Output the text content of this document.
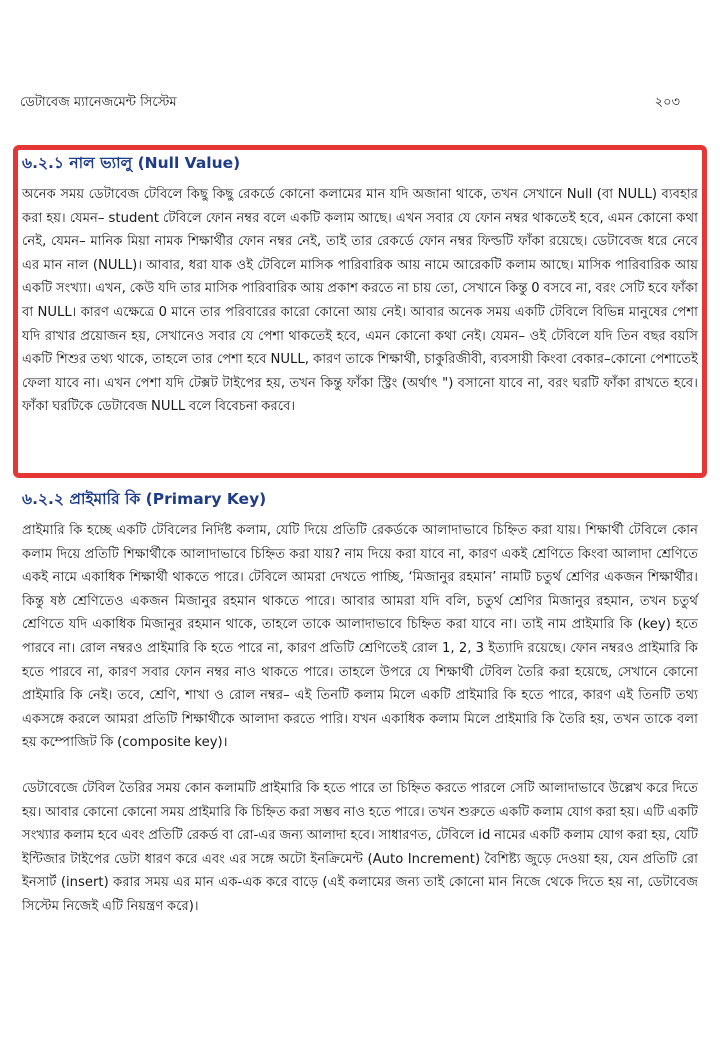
ডেটাবেজ ম্যানেজমেন্ট সিস্টেম	২০৩
৬.২.১ নাল ভ্যালু (Null Value)

অনেক সময় ডেটাবেজ টেবিলে কিছু কিছু রেকর্ডে কোনো কলামের মান যদি অজানা থাকে, তখন সেখানে Null (বা NULL) ব্যবহার করা হয়। যেমন– student টেবিলে ফোন নম্বর বলে একটি কলাম আছে। এখন সবার যে ফোন নম্বর থাকতেই হবে, এমন কোনো কথা নেই, যেমন– মানিক মিয়া নামক শিক্ষার্থীর ফোন নম্বর নেই, তাই তার রেকর্ডে ফোন নম্বর ফিল্ডটি ফাঁকা রয়েছে। ডেটাবেজ ধরে নেবে এর মান নাল (NULL)। আবার, ধরা যাক ওই টেবিলে মাসিক পারিবারিক আয় নামে আরেকটি কলাম আছে। মাসিক পারিবারিক আয় একটি সংখ্যা। এখন, কেউ যদি তার মাসিক পারিবারিক আয় প্রকাশ করতে না চায় তো, সেখানে কিন্তু 0 বসবে না, বরং সেটি হবে ফাঁকা বা NULL। কারণ এক্ষেত্রে 0 মানে তার পরিবারের কারো কোনো আয় নেই। আবার অনেক সময় একটি টেবিলে বিভিন্ন মানুষের পেশা যদি রাখার প্রয়োজন হয়, সেখানেও সবার যে পেশা থাকতেই হবে, এমন কোনো কথা নেই। যেমন– ওই টেবিলে যদি তিন বছর বয়সি একটি শিশুর তথ্য থাকে, তাহলে তার পেশা হবে NULL, কারণ তাকে শিক্ষার্থী, চাকুরিজীবী, ব্যবসায়ী কিংবা বেকার–কোনো পেশাতেই ফেলা যাবে না। এখন পেশা যদি টেক্সট টাইপের হয়, তখন কিন্তু ফাঁকা স্ট্রিং (অর্থাৎ ") বসানো যাবে না, বরং ঘরটি ফাঁকা রাখতে হবে। ফাঁকা ঘরটিকে ডেটাবেজ NULL বলে বিবেচনা করবে।

৬.২.২ প্রাইমারি কি (Primary Key)

প্রাইমারি কি হচ্ছে একটি টেবিলের নির্দিষ্ট কলাম, যেটি দিয়ে প্রতিটি রেকর্ডকে আলাদাভাবে চিহ্নিত করা যায়। শিক্ষার্থী টেবিলে কোন কলাম দিয়ে প্রতিটি শিক্ষার্থীকে আলাদাভাবে চিহ্নিত করা যায়? নাম দিয়ে করা যাবে না, কারণ একই শ্রেণিতে কিংবা আলাদা শ্রেণিতে একই নামে একাধিক শিক্ষার্থী থাকতে পারে। টেবিলে আমরা দেখতে পাচ্ছি, ‘মিজানুর রহমান’ নামটি চতুর্থ শ্রেণির একজন শিক্ষার্থীর। কিন্তু ষষ্ঠ শ্রেণিতেও একজন মিজানুর রহমান থাকতে পারে। আবার আমরা যদি বলি, চতুর্থ শ্রেণির মিজানুর রহমান, তখন চতুর্থ শ্রেণিতে যদি একাধিক মিজানুর রহমান থাকে, তাহলে তাকে আলাদাভাবে চিহ্নিত করা যাবে না। তাই নাম প্রাইমারি কি (key) হতে পারবে না। রোল নম্বরও প্রাইমারি কি হতে পারে না, কারণ প্রতিটি শ্রেণিতেই রোল 1, 2, 3 ইত্যাদি রয়েছে। ফোন নম্বরও প্রাইমারি কি হতে পারবে না, কারণ সবার ফোন নম্বর নাও থাকতে পারে। তাহলে উপরে যে শিক্ষার্থী টেবিল তৈরি করা হয়েছে, সেখানে কোনো প্রাইমারি কি নেই। তবে, শ্রেণি, শাখা ও রোল নম্বর– এই তিনটি কলাম মিলে একটি প্রাইমারি কি হতে পারে, কারণ এই তিনটি তথ্য একসঙ্গে করলে আমরা প্রতিটি শিক্ষার্থীকে আলাদা করতে পারি। যখন একাধিক কলাম মিলে প্রাইমারি কি তৈরি হয়, তখন তাকে বলা হয় কম্পোজিট কি (composite key)।

ডেটাবেজে টেবিল তৈরির সময় কোন কলামটি প্রাইমারি কি হতে পারে তা চিহ্নিত করতে পারলে সেটি আলাদাভাবে উল্লেখ করে দিতে হয়। আবার কোনো কোনো সময় প্রাইমারি কি চিহ্নিত করা সম্ভব নাও হতে পারে। তখন শুরুতে একটি কলাম যোগ করা হয়। এটি একটি সংখ্যার কলাম হবে এবং প্রতিটি রেকর্ড বা রো-এর জন্য আলাদা হবে। সাধারণত, টেবিলে id নামের একটি কলাম যোগ করা হয়, যেটি ইন্টিজার টাইপের ডেটা ধারণ করে এবং এর সঙ্গে অটো ইনক্রিমেন্ট (Auto Increment) বৈশিষ্ট্য জুড়ে দেওয়া হয়, যেন প্রতিটি রো ইনসার্ট (insert) করার সময় এর মান এক-এক করে বাড়ে (এই কলামের জন্য তাই কোনো মান নিজে থেকে দিতে হয় না, ডেটাবেজ সিস্টেম নিজেই এটি নিয়ন্ত্রণ করে)।
